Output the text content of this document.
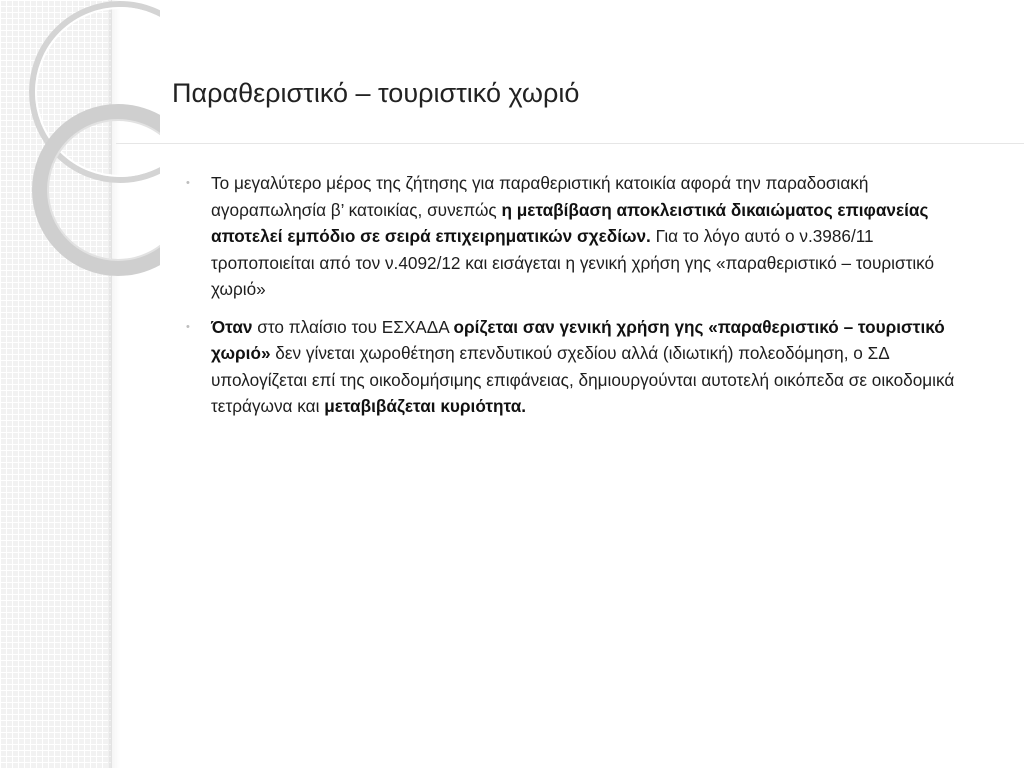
Παραθεριστικό – τουριστικό χωριό
• Το μεγαλύτερο μέρος της ζήτησης για παραθεριστική κατοικία αφορά την παραδοσιακή αγοραπωλησία β’ κατοικίας, συνεπώς η μεταβίβαση αποκλειστικά δικαιώματος επιφανείας αποτελεί εμπόδιο σε σειρά επιχειρηματικών σχεδίων. Για το λόγο αυτό ο ν.3986/11 τροποποιείται από τον ν.4092/12 και εισάγεται η γενική χρήση γης «παραθεριστικό – τουριστικό χωριό»
• Όταν στο πλαίσιο του ΕΣΧΑΔΑ ορίζεται σαν γενική χρήση γης «παραθεριστικό – τουριστικό χωριό» δεν γίνεται χωροθέτηση επενδυτικού σχεδίου αλλά (ιδιωτική) πολεοδόμηση, ο ΣΔ υπολογίζεται επί της οικοδομήσιμης επιφάνειας, δημιουργούνται αυτοτελή οικόπεδα σε οικοδομικά τετράγωνα και μεταβιβάζεται κυριότητα.
